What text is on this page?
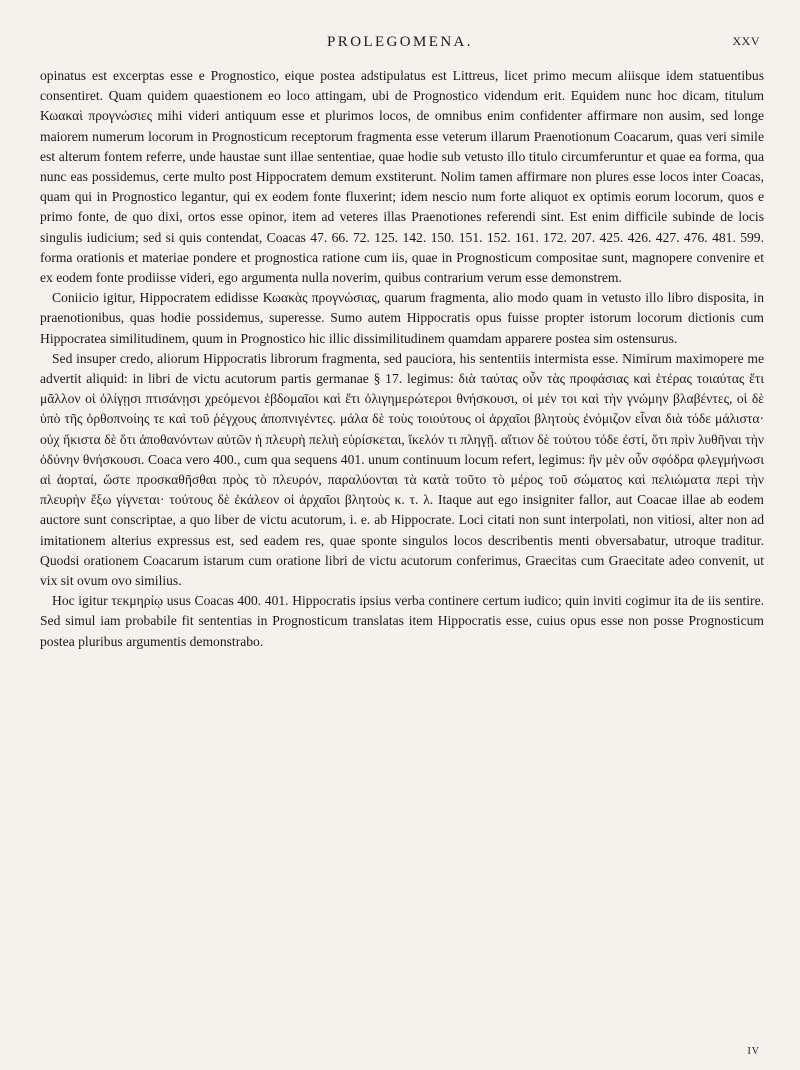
PROLEGOMENA.	XXV

opinatus est excerptas esse e Prognostico, eique postea adstipulatus est Littreus, licet primo mecum aliisque idem statuentibus consentiret. Quam quidem quaestionem eo loco attingam, ubi de Prognostico videndum erit. Equidem nunc hoc dicam, titulum Κωακαὶ προγνώσιες mihi videri antiquum esse et plurimos locos, de omnibus enim confidenter affirmare non ausim, sed longe maiorem numerum locorum in Prognosticum receptorum fragmenta esse veterum illarum Praenotionum Coacarum, quas veri simile est alterum fontem referre, unde haustae sunt illae sententiae, quae hodie sub vetusto illo titulo circumferuntur et quae ea forma, qua nunc eas possidemus, certe multo post Hippocratem demum exstiterunt. Nolim tamen affirmare non plures esse locos inter Coacas, quam qui in Prognostico legantur, qui ex eodem fonte fluxerint; idem nescio num forte aliquot ex optimis eorum locorum, quos e primo fonte, de quo dixi, ortos esse opinor, item ad veteres illas Praenotiones referendi sint. Est enim difficile subinde de locis singulis iudicium; sed si quis contendat, Coacas 47. 66. 72. 125. 142. 150. 151. 152. 161. 172. 207. 425. 426. 427. 476. 481. 599. forma orationis et materiae pondere et prognostica ratione cum iis, quae in Prognosticum compositae sunt, magnopere convenire et ex eodem fonte prodiisse videri, ego argumenta nulla noverim, quibus contrarium verum esse demonstrem.

Coniicio igitur, Hippocratem edidisse Κωακὰς προγνώσιας, quarum fragmenta, alio modo quam in vetusto illo libro disposita, in praenotionibus, quas hodie possidemus, superesse. Sumo autem Hippocratis opus fuisse propter istorum locorum dictionis cum Hippocratea similitudinem, quum in Prognostico hic illic dissimilitudinem quamdam apparere postea sim ostensurus.

Sed insuper credo, aliorum Hippocratis librorum fragmenta, sed pauciora, his sententiis intermista esse. Nimirum maximopere me advertit aliquid: in libri de victu acutorum partis germanae § 17. legimus: διὰ ταύτας οὖν τὰς προφάσιας καὶ ἑτέρας τοιαύτας ἔτι μᾶλλον οἱ ὀλίγῃσι πτισάνῃσι χρεόμενοι ἑβδομαῖοι καὶ ἔτι ὀλιγημερώτεροι θνήσκουσι, οἱ μέν τοι καὶ τὴν γνώμην βλαβέντες, οἱ δὲ ὑπὸ τῆς ὀρθοπνοίης τε καὶ τοῦ ῥέγχους ἀποπνιγέντες. μάλα δὲ τοὺς τοιούτους οἱ ἀρχαῖοι βλητοὺς ἐνόμιζον εἶναι διὰ τόδε μάλιστα· οὐχ ἥκιστα δὲ ὅτι ἀποθανόντων αὐτῶν ἡ πλευρὴ πελιὴ εὑρίσκεται, ἴκελόν τι πληγῇ. αἴτιον δὲ τούτου τόδε ἐστί, ὅτι πρὶν λυθῆναι τὴν ὀδύνην θνήσκουσι. Coaca vero 400., cum qua sequens 401. unum continuum locum refert, legimus: ἣν μὲν οὖν σφόδρα φλεγμήνωσι αἱ ἀορταί, ὥστε προσκαθῆσθαι πρὸς τὸ πλευρόν, παραλύονται τὰ κατὰ τοῦτο τὸ μέρος τοῦ σώματος καὶ πελιώματα περὶ τὴν πλευρὴν ἔξω γίγνεται· τούτους δὲ ἐκάλεον οἱ ἀρχαῖοι βλητοὺς κ. τ. λ. Itaque aut ego insigniter fallor, aut Coacae illae ab eodem auctore sunt conscriptae, a quo liber de victu acutorum, i. e. ab Hippocrate. Loci citati non sunt interpolati, non vitiosi, alter non ad imitationem alterius expressus est, sed eadem res, quae sponte singulos locos describentis menti obversabatur, utroque traditur. Quodsi orationem Coacarum istarum cum oratione libri de victu acutorum conferimus, Graecitas cum Graecitate adeo convenit, ut vix sit ovum ovo similius.

Hoc igitur τεκμηρίῳ usus Coacas 400. 401. Hippocratis ipsius verba continere certum iudico; quin inviti cogimur ita de iis sentire. Sed simul iam probabile fit sententias in Prognosticum translatas item Hippocratis esse, cuius opus esse non posse Prognosticum postea pluribus argumentis demonstrabo.

IV
